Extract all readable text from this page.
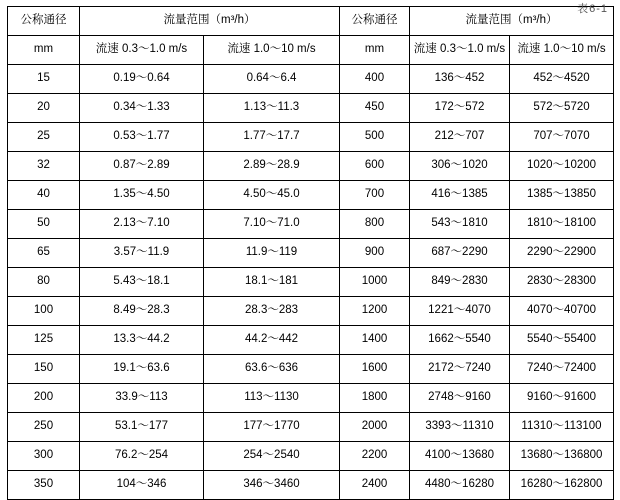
表6-1
公称通径	流量范围（m³/h）		公称通径	流量范围（m³/h）	
mm	流速 0.3～1.0 m/s	流速 1.0～10 m/s	mm	流速 0.3～1.0 m/s	流速 1.0～10 m/s
15	0.19～0.64	0.64～6.4	400	136～452	452～4520
20	0.34～1.33	1.13～11.3	450	172～572	572～5720
25	0.53～1.77	1.77～17.7	500	212～707	707～7070
32	0.87～2.89	2.89～28.9	600	306～1020	1020～10200
40	1.35～4.50	4.50～45.0	700	416～1385	1385～13850
50	2.13～7.10	7.10～71.0	800	543～1810	1810～18100
65	3.57～11.9	11.9～119	900	687～2290	2290～22900
80	5.43～18.1	18.1～181	1000	849～2830	2830～28300
100	8.49～28.3	28.3～283	1200	1221～4070	4070～40700
125	13.3～44.2	44.2～442	1400	1662～5540	5540～55400
150	19.1～63.6	63.6～636	1600	2172～7240	7240～72400
200	33.9～113	113～1130	1800	2748～9160	9160～91600
250	53.1～177	177～1770	2000	3393～11310	11310～113100
300	76.2～254	254～2540	2200	4100～13680	13680～136800
350	104～346	346～3460	2400	4480～16280	16280～162800
